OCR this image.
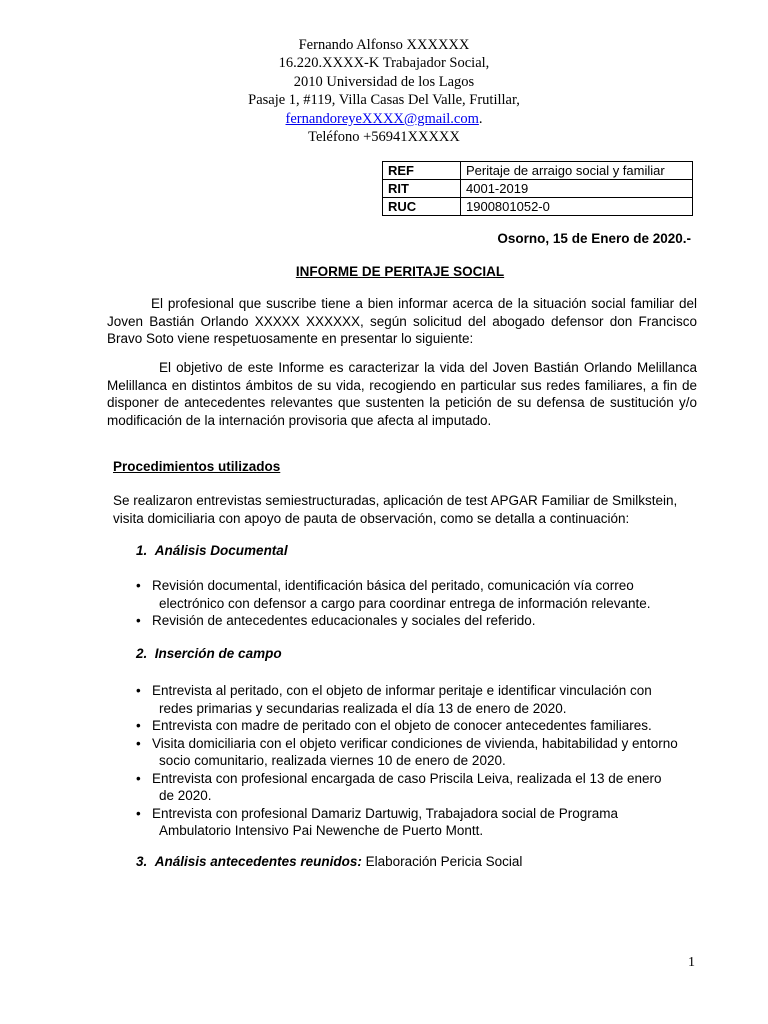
Fernando Alfonso XXXXXX
16.220.XXXX-K Trabajador Social,
2010 Universidad de los Lagos
Pasaje 1, #119, Villa Casas Del Valle, Frutillar,
fernandoreyeXXXX@gmail.com.
Teléfono +56941XXXXX
REF	Peritaje de arraigo social y familiar
RIT	4001-2019
RUC	1900801052-0
Osorno, 15 de Enero de 2020.-
INFORME DE PERITAJE SOCIAL
El profesional que suscribe tiene a bien informar acerca de la situación social familiar del Joven Bastián Orlando XXXXX XXXXXX, según solicitud del abogado defensor don Francisco Bravo Soto viene respetuosamente en presentar lo siguiente:
El objetivo de este Informe es caracterizar la vida del Joven Bastián Orlando Melillanca Melillanca en distintos ámbitos de su vida, recogiendo en particular sus redes familiares, a fin de disponer de antecedentes relevantes que sustenten la petición de su defensa de sustitución y/o modificación de la internación provisoria que afecta al imputado.
Procedimientos utilizados
Se realizaron entrevistas semiestructuradas, aplicación de test APGAR Familiar de Smilkstein, visita domiciliaria con apoyo de pauta de observación, como se detalla a continuación:
1. Análisis Documental
• Revisión documental, identificación básica del peritado, comunicación vía correo
electrónico con defensor a cargo para coordinar entrega de información relevante.
• Revisión de antecedentes educacionales y sociales del referido.
2. Inserción de campo
• Entrevista al peritado, con el objeto de informar peritaje e identificar vinculación con
redes primarias y secundarias realizada el día 13 de enero de 2020.
• Entrevista con madre de peritado con el objeto de conocer antecedentes familiares.
• Visita domiciliaria con el objeto verificar condiciones de vivienda, habitabilidad y entorno
socio comunitario, realizada viernes 10 de enero de 2020.
• Entrevista con profesional encargada de caso Priscila Leiva, realizada el 13 de enero
de 2020.
• Entrevista con profesional Damariz Dartuwig, Trabajadora social de Programa
Ambulatorio Intensivo Pai Newenche de Puerto Montt.
3. Análisis antecedentes reunidos: Elaboración Pericia Social
1
